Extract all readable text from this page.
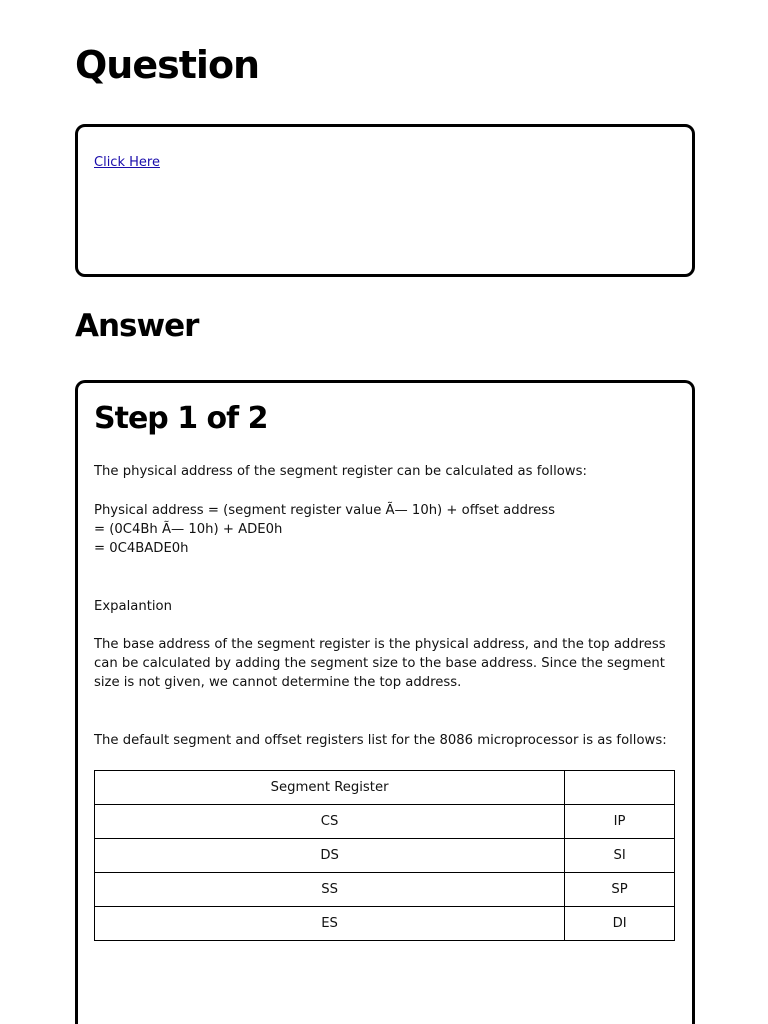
Question
Click Here
Answer
Step 1 of 2
The physical address of the segment register can be calculated as follows:
Physical address = (segment register value Ã— 10h) + offset address
= (0C4Bh Ã— 10h) + ADE0h
= 0C4BADE0h
Expalantion
The base address of the segment register is the physical address, and the top address can be calculated by adding the segment size to the base address. Since the segment size is not given, we cannot determine the top address.
The default segment and offset registers list for the 8086 microprocessor is as follows:
Segment Register	
CS	IP
DS	SI
SS	SP
ES	DI
